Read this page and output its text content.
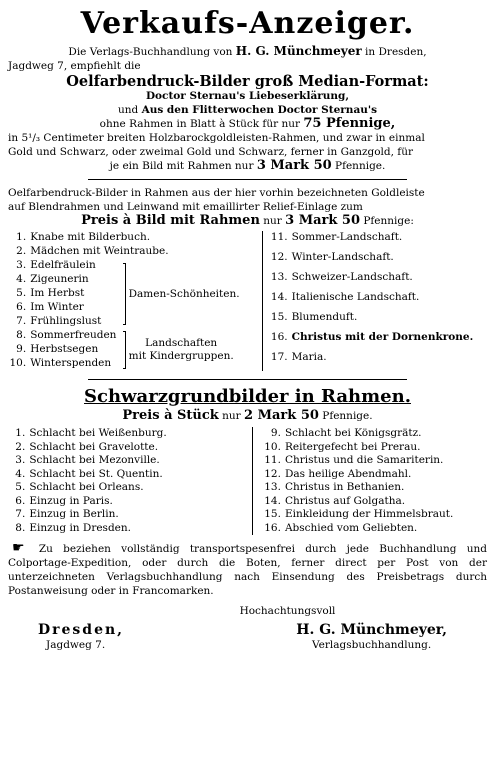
Verkaufs-Anzeiger.

Die Verlags-Buchhandlung von H. G. Münchmeyer in Dresden,

Jagdweg 7, empfiehlt die

Oelfarbendruck-Bilder groß Median-Format:

Doctor Sternau's Liebeserklärung,

und Aus den Flitterwochen Doctor Sternau's

ohne Rahmen in Blatt à Stück für nur 75 Pfennige,

in 5¹/₃ Centimeter breiten Holzbarockgoldleisten-Rahmen, und zwar in einmal

Gold und Schwarz, oder zweimal Gold und Schwarz, ferner in Ganzgold, für

je ein Bild mit Rahmen nur 3 Mark 50 Pfennige.

Oelfarbendruck-Bilder in Rahmen aus der hier vorhin bezeichneten Goldleiste

auf Blendrahmen und Leinwand mit emaillirter Relief-Einlage zum

Preis à Bild mit Rahmen nur 3 Mark 50 Pfennige:

1.	Knabe mit Bilderbuch.	
2.	Mädchen mit Weintraube.	
3.	Edelfräulein	Damen-Schönheiten.
4.	Zigeunerin	
5.	Im Herbst	
6.	Im Winter	
7.	Frühlingslust	
8.	Sommerfreuden	Landschaften
mit Kindergruppen.
9.	Herbstsegen	
10.	Winterspenden	
11.	Sommer-Landschaft.
12.	Winter-Landschaft.
13.	Schweizer-Landschaft.
14.	Italienische Landschaft.
15.	Blumenduft.
16.	Christus mit der Dornenkrone.
17.	Maria.
Schwarzgrundbilder in Rahmen.

Preis à Stück nur 2 Mark 50 Pfennige.

1.	Schlacht bei Weißenburg.
2.	Schlacht bei Gravelotte.
3.	Schlacht bei Mezonville.
4.	Schlacht bei St. Quentin.
5.	Schlacht bei Orleans.
6.	Einzug in Paris.
7.	Einzug in Berlin.
8.	Einzug in Dresden.
9.	Schlacht bei Königsgrätz.
10.	Reitergefecht bei Prerau.
11.	Christus und die Samariterin.
12.	Das heilige Abendmahl.
13.	Christus in Bethanien.
14.	Christus auf Golgatha.
15.	Einkleidung der Himmelsbraut.
16.	Abschied vom Geliebten.

☛ Zu beziehen vollständig transportspesenfrei durch jede Buchhandlung und Colportage-Expedition, oder durch die Boten, ferner direct per Post von der unterzeichneten Verlagsbuchhandlung nach Einsendung des Preisbetrags durch Postanweisung oder in Francomarken.

Hochachtungsvoll

Dresden,
Jagdweg 7.
H. G. Münchmeyer,
Verlagsbuchhandlung.
